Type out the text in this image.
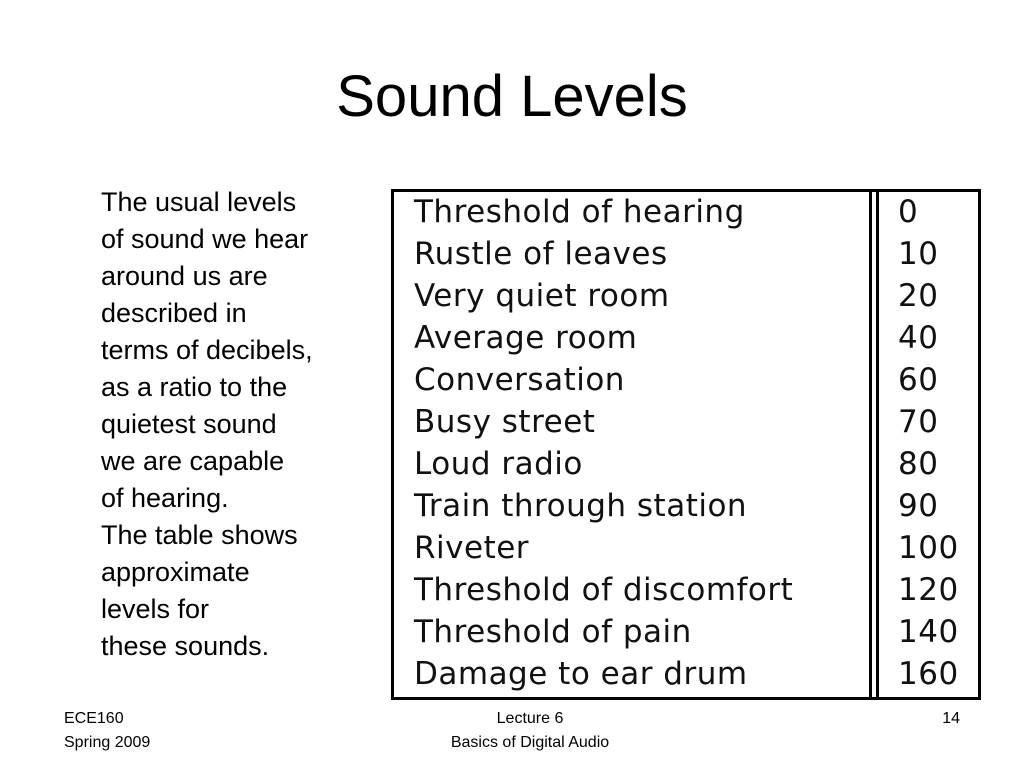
Sound Levels
The usual levels
of sound we hear
around us are
described in
terms of decibels,
as a ratio to the
quietest sound
we are capable
of hearing.
The table shows
approximate
levels for
these sounds.
Threshold of hearing
Rustle of leaves
Very quiet room
Average room
Conversation
Busy street
Loud radio
Train through station
Riveter
Threshold of discomfort
Threshold of pain
Damage to ear drum
0
10
20
40
60
70
80
90
100
120
140
160
ECE160
Spring 2009
Lecture 6
Basics of Digital Audio
14
